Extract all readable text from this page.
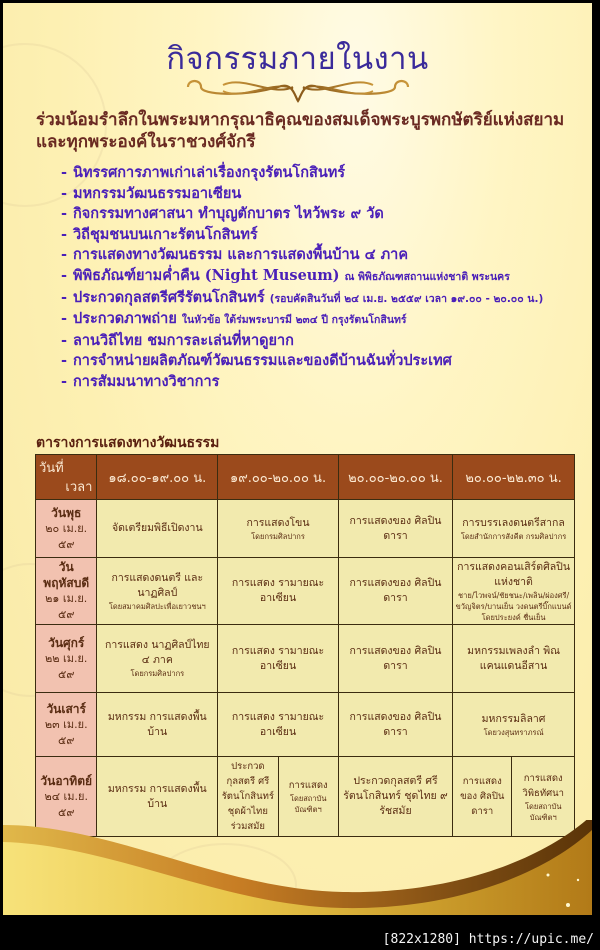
กิจกรรมภายในงาน
ร่วมน้อมรำลึกในพระมหากรุณาธิคุณของสมเด็จพระบูรพกษัตริย์แห่งสยาม
และทุกพระองค์ในราชวงศ์จักรี
- นิทรรศการภาพเก่าเล่าเรื่องกรุงรัตนโกสินทร์
- มหกรรมวัฒนธรรมอาเซียน
- กิจกรรมทางศาสนา ทำบุญตักบาตร ไหว้พระ ๙ วัด
- วิถีชุมชนบนเกาะรัตนโกสินทร์
- การแสดงทางวัฒนธรรม และการแสดงพื้นบ้าน ๔ ภาค
- พิพิธภัณฑ์ยามค่ำคืน (Night Museum) ณ พิพิธภัณฑสถานแห่งชาติ พระนคร
- ประกวดกุลสตรีศรีรัตนโกสินทร์ (รอบคัดสินวันที่ ๒๔ เม.ย. ๒๕๕๙ เวลา ๑๙.๐๐ - ๒๐.๐๐ น.)
- ประกวดภาพถ่าย ในหัวข้อ ใต้ร่มพระบารมี ๒๓๔ ปี กรุงรัตนโกสินทร์
- ลานวิถีไทย ชมการละเล่นที่หาดูยาก
- การจำหน่ายผลิตภัณฑ์วัฒนธรรมและของดีบ้านฉันทั่วประเทศ
- การสัมมนาทางวิชาการ
ตารางการแสดงทางวัฒนธรรม
วันที่
เวลา	๑๘.๐๐-๑๙.๐๐ น.	๑๙.๐๐-๒๐.๐๐ น.		๒๐.๐๐-๒๐.๐๐ น.	๒๐.๐๐-๒๒.๓๐ น.	

วันพุธ
๒๐ เม.ย. ๕๙
	จัดเตรียมพิธีเปิดงาน	การแสดงโขน
โดยกรมศิลปากร
	การแสดงของ ศิลปินดารา	การบรรเลงดนตรีสากล
โดยสำนักการสังคีต กรมศิลปากร

วันพฤหัสบดี
๒๑ เม.ย. ๕๙
	การแสดงดนตรี และนาฏศิลป์
โดยสมาคมศิลปะเพื่อเยาวชนฯ
	การแสดง รามายณะอาเซียน	การแสดงของ ศิลปินดารา	การแสดงคอนเสิร์ตศิลปินแห่งชาติ
ชาย/ไวพจน์/ชัยชนะ/เพลิน/ผ่องศรี/ ขวัญจิตร/บานเย็น วงดนตรีบิ๊กแบนด์โดยประยงค์ ชื่นเย็น

วันศุกร์
๒๒ เม.ย. ๕๙
	การแสดง นาฏศิลป์ไทย ๔ ภาค
โดยกรมศิลปากร
	การแสดง รามายณะอาเซียน	การแสดงของ ศิลปินดารา	มหกรรมเพลงลำ พิณ แคนแดนอีสาน

วันเสาร์
๒๓ เม.ย. ๕๙
	มหกรรม การแสดงพื้นบ้าน	การแสดง รามายณะอาเซียน	การแสดงของ ศิลปินดารา	มหกรรมลิลาศ
โดยวงสุนทราภรณ์

วันอาทิตย์
๒๔ เม.ย. ๕๙
	มหกรรม การแสดงพื้นบ้าน	ประกวดกุลสตรี ศรีรัตนโกสินทร์ ชุดผ้าไทย ร่วมสมัย	การแสดง
โดยสถาบันบัณฑิตฯ
	ประกวดกุลสตรี ศรีรัตนโกสินทร์ ชุดไทย ๙ รัชสมัย	การแสดงของ ศิลปินดารา	การแสดง วิพิธทัศนา
โดยสถาบันบัณฑิตฯ
[822x1280] https://upic.me/
